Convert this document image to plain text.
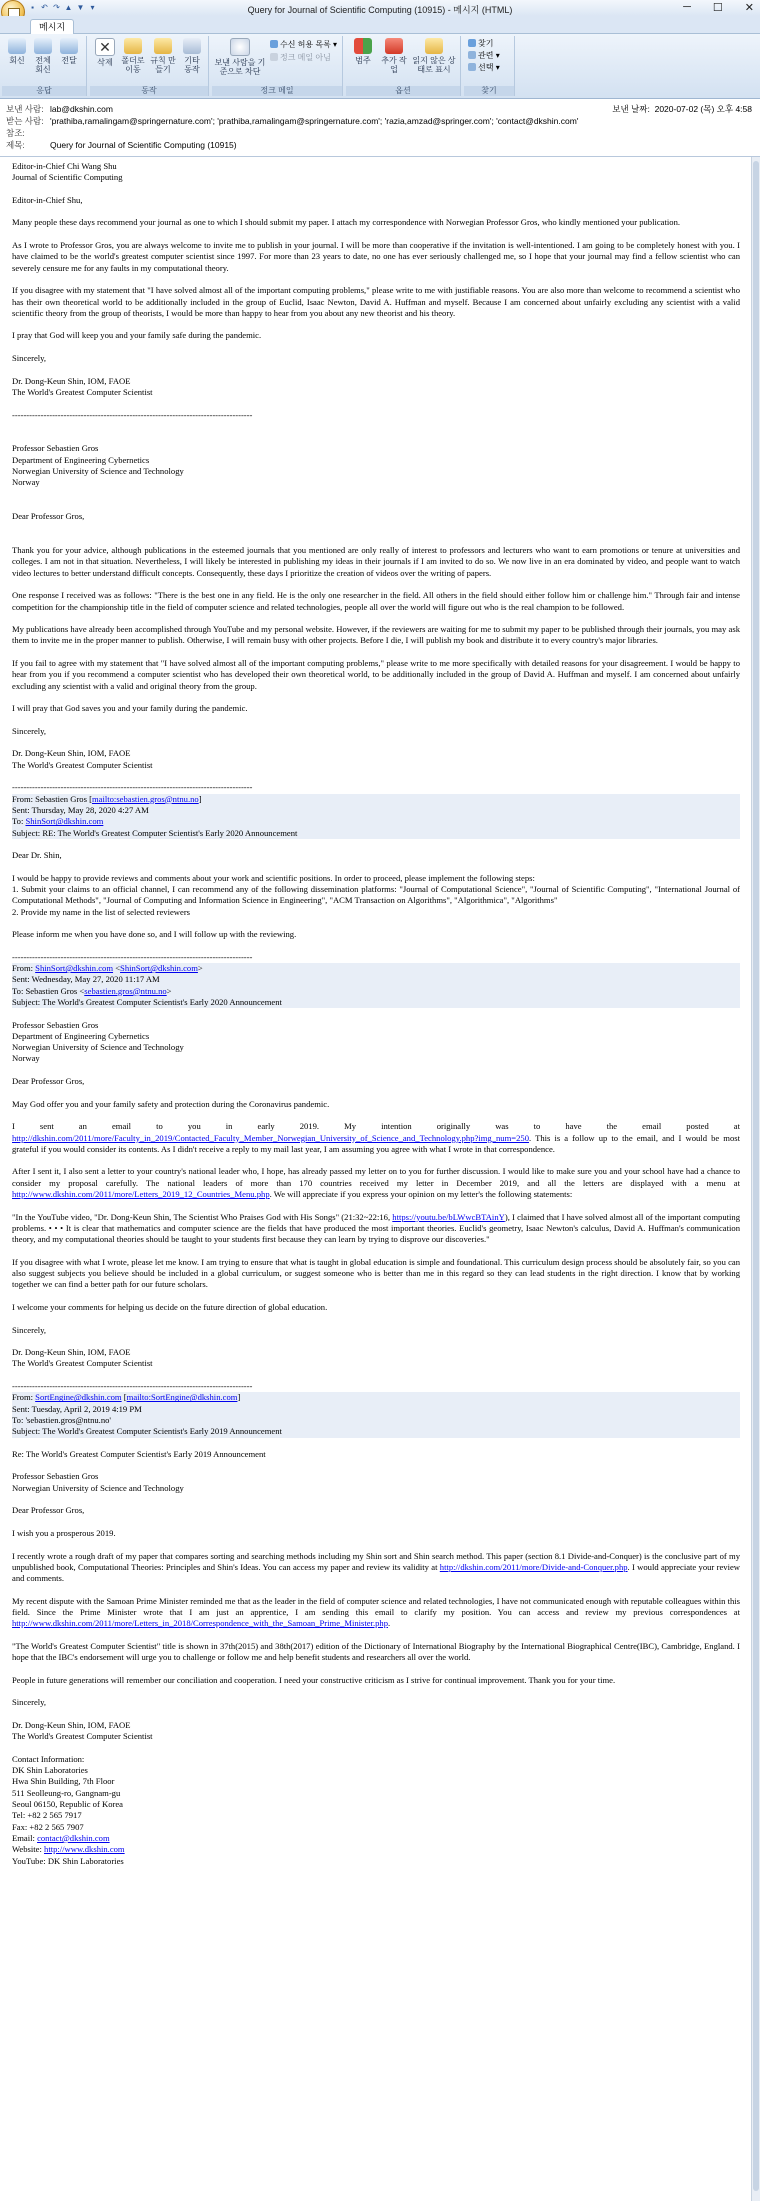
▪ ↶ ↷ ▲ ▼ ▾	Query for Journal of Scientific Computing (10915) - 메시지 (HTML)	─ ☐ ✕
메시지
회신	전체 회신
전달
응답
✕
삭제	폴더로 이동
규칙 만들기
기타 동작
동작
보낸 사람을 기준으로 차단
수신 허용 목록 ▾
정크 메일 아님
정크 메일
범주	추가 작업
읽지 않은 상태로 표시
옵션
찾기
관련 ▾
선택 ▾
찾기
보낸 사람: lab@dkshin.com
받는 사람: 'prathiba,ramalingam@springernature.com'; 'prathiba,ramalingam@springernature.com'; 'razia,amzad@springer.com'; 'contact@dkshin.com'
참조:
제목:	Query for Journal of Scientific Computing (10915)
보낸 날짜: 2020-07-02 (목) 오후 4:58
Editor-in-Chief Chi Wang Shu

Journal of Scientific Computing

Editor-in-Chief Shu,

Many people these days recommend your journal as one to which I should submit my paper. I attach my correspondence with Norwegian Professor Gros, who kindly mentioned your publication.

As I wrote to Professor Gros, you are always welcome to invite me to publish in your journal. I will be more than cooperative if the invitation is well-intentioned. I am going to be completely honest with you. I have claimed to be the world's greatest computer scientist since 1997. For more than 23 years to date, no one has ever seriously challenged me, so I hope that your journal may find a fellow scientist who can severely censure me for any faults in my computational theory.

If you disagree with my statement that "I have solved almost all of the important computing problems," please write to me with justifiable reasons. You are also more than welcome to recommend a scientist who has their own theoretical world to be additionally included in the group of Euclid, Isaac Newton, David A. Huffman and myself. Because I am concerned about unfairly excluding any scientist with a valid scientific theory from the group of theorists, I would be more than happy to hear from you about any new theorist and his theory.

I pray that God will keep you and your family safe during the pandemic.

Sincerely,

Dr. Dong-Keun Shin, IOM, FAOE

The World's Greatest Computer Scientist

------------------------------------------------------------------------------------

Professor Sebastien Gros
Department of Engineering Cybernetics
Norwegian University of Science and Technology

Norway

Dear Professor Gros,

Thank you for your advice, although publications in the esteemed journals that you mentioned are only really of interest to professors and lecturers who want to earn promotions or tenure at universities and colleges. I am not in that situation. Nevertheless, I will likely be interested in publishing my ideas in their journals if I am invited to do so. We now live in an era dominated by video, and people want to watch video lectures to better understand difficult concepts. Consequently, these days I prioritize the creation of videos over the writing of papers.

One response I received was as follows: "There is the best one in any field. He is the only one researcher in the field. All others in the field should either follow him or challenge him." Through fair and intense competition for the championship title in the field of computer science and related technologies, people all over the world will figure out who is the real champion to be followed.

My publications have already been accomplished through YouTube and my personal website. However, if the reviewers are waiting for me to submit my paper to be published through their journals, you may ask them to invite me in the proper manner to publish. Otherwise, I will remain busy with other projects. Before I die, I will publish my book and distribute it to every country's major libraries.

If you fail to agree with my statement that "I have solved almost all of the important computing problems," please write to me more specifically with detailed reasons for your disagreement. I would be happy to hear from you if you recommend a computer scientist who has developed their own theoretical world, to be additionally included in the group of David A. Huffman and myself. I am concerned about unfairly excluding any scientist with a valid and original theory from the group.

I will pray that God saves you and your family during the pandemic.

Sincerely,

Dr. Dong-Keun Shin, IOM, FAOE

The World's Greatest Computer Scientist

------------------------------------------------------------------------------------
From: Sebastien Gros [mailto:sebastien.gros@ntnu.no]
Sent: Thursday, May 28, 2020 4:27 AM
To: ShinSort@dkshin.com

Subject: RE: The World's Greatest Computer Scientist's Early 2020 Announcement

Dear Dr. Shin,

I would be happy to provide reviews and comments about your work and scientific positions. In order to proceed, please implement the following steps:
1. Submit your claims to an official channel, I can recommend any of the following dissemination platforms: "Journal of Computational Science", "Journal of Scientific Computing", "International Journal of Computational Methods", "Journal of Computing and Information Science in Engineering", "ACM Transaction on Algorithms", "Algorithmica", "Algorithms"

2. Provide my name in the list of selected reviewers

Please inform me when you have done so, and I will follow up with the reviewing.

------------------------------------------------------------------------------------
From: ShinSort@dkshin.com <ShinSort@dkshin.com>
Sent: Wednesday, May 27, 2020 11:17 AM
To: Sebastien Gros <sebastien.gros@ntnu.no>

Subject: The World's Greatest Computer Scientist's Early 2020 Announcement

Professor Sebastien Gros
Department of Engineering Cybernetics
Norwegian University of Science and Technology

Norway

Dear Professor Gros,

May God offer you and your family safety and protection during the Coronavirus pandemic.

I sent an email to you in early 2019. My intention originally was to have the email posted at http://dkshin.com/2011/more/Faculty_in_2019/Contacted_Faculty_Member_Norwegian_University_of_Science_and_Technology.php?img_num=250. This is a follow up to the email, and I would be most grateful if you would consider its contents. As I didn't receive a reply to my mail last year, I am assuming you agree with what I wrote in that correspondence.

After I sent it, I also sent a letter to your country's national leader who, I hope, has already passed my letter on to you for further discussion. I would like to make sure you and your school have had a chance to consider my proposal carefully. The national leaders of more than 170 countries received my letter in December 2019, and all the letters are displayed with a menu at http://www.dkshin.com/2011/more/Letters_2019_12_Countries_Menu.php. We will appreciate if you express your opinion on my letter's the following statements:

"In the YouTube video, "Dr. Dong-Keun Shin, The Scientist Who Praises God with His Songs" (21:32~22:16, https://youtu.be/bLWwcBTAinY), I claimed that I have solved almost all of the important computing problems. • • • It is clear that mathematics and computer science are the fields that have produced the most important theories. Euclid's geometry, Isaac Newton's calculus, David A. Huffman's communication theory, and my computational theories should be taught to your students first because they can learn by trying to disprove our discoveries."

If you disagree with what I wrote, please let me know. I am trying to ensure that what is taught in global education is simple and foundational. This curriculum design process should be absolutely fair, so you can also suggest subjects you believe should be included in a global curriculum, or suggest someone who is better than me in this regard so they can lead students in the right direction. I know that by working together we can find a better path for our future scholars.

I welcome your comments for helping us decide on the future direction of global education.

Sincerely,

Dr. Dong-Keun Shin, IOM, FAOE

The World's Greatest Computer Scientist

------------------------------------------------------------------------------------
From: SortEngine@dkshin.com [mailto:SortEngine@dkshin.com]
Sent: Tuesday, April 2, 2019 4:19 PM
To: 'sebastien.gros@ntnu.no'

Subject: The World's Greatest Computer Scientist's Early 2019 Announcement

Re: The World's Greatest Computer Scientist's Early 2019 Announcement

Professor Sebastien Gros

Norwegian University of Science and Technology

Dear Professor Gros,

I wish you a prosperous 2019.

I recently wrote a rough draft of my paper that compares sorting and searching methods including my Shin sort and Shin search method. This paper (section 8.1 Divide-and-Conquer) is the conclusive part of my unpublished book, Computational Theories: Principles and Shin's Ideas. You can access my paper and review its validity at http://dkshin.com/2011/more/Divide-and-Conquer.php. I would appreciate your review and comments.

My recent dispute with the Samoan Prime Minister reminded me that as the leader in the field of computer science and related technologies, I have not communicated enough with reputable colleagues within this field. Since the Prime Minister wrote that I am just an apprentice, I am sending this email to clarify my position. You can access and review my previous correspondences at http://www.dkshin.com/2011/more/Letters_in_2018/Correspondence_with_the_Samoan_Prime_Minister.php.

"The World's Greatest Computer Scientist" title is shown in 37th(2015) and 38th(2017) edition of the Dictionary of International Biography by the International Biographical Centre(IBC), Cambridge, England. I hope that the IBC's endorsement will urge you to challenge or follow me and help benefit students and researchers all over the world.

People in future generations will remember our conciliation and cooperation. I need your constructive criticism as I strive for continual improvement. Thank you for your time.

Sincerely,

Dr. Dong-Keun Shin, IOM, FAOE

The World's Greatest Computer Scientist

Contact Information:
DK Shin Laboratories
Hwa Shin Building, 7th Floor
511 Seolleung-ro, Gangnam-gu
Seoul 06150, Republic of Korea
Tel: +82 2 565 7917
Fax: +82 2 565 7907
Email: contact@dkshin.com
Website: http://www.dkshin.com
YouTube: DK Shin Laboratories
